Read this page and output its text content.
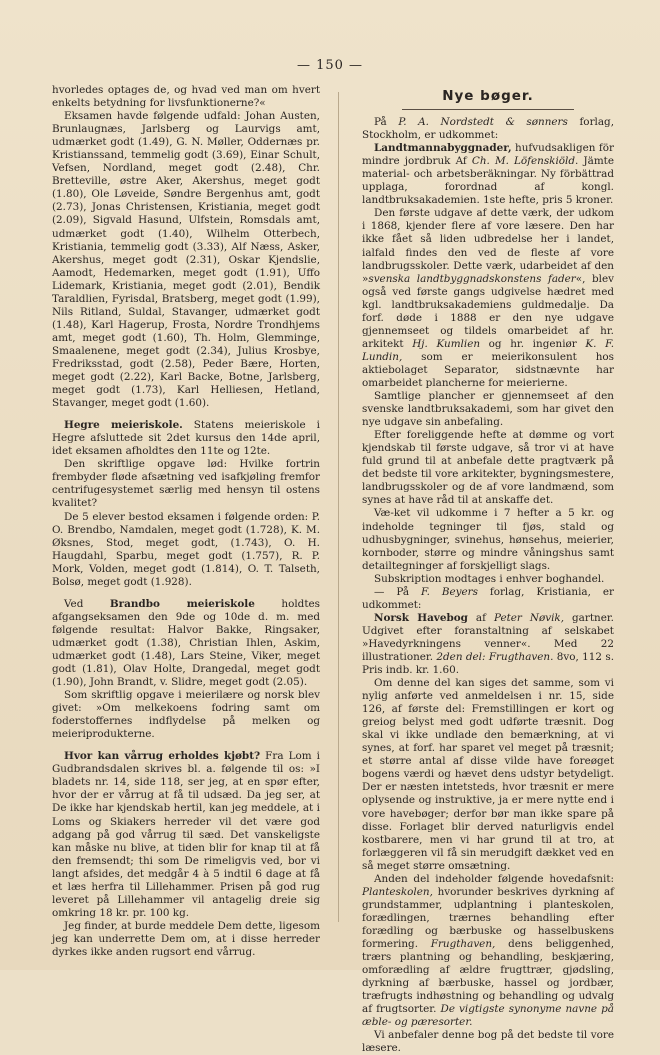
— 150 —

hvorledes optages de, og hvad ved man om hvert enkelts betydning for livsfunktionerne?«

Eksamen havde følgende udfald: Johan Austen, Brunlaugnæs, Jarlsberg og Laurvigs amt, udmærket godt (1.49), G. N. Møller, Oddernæs pr. Kristianssand, temmelig godt (3.69), Einar Schult, Vefsen, Nordland, meget godt (2.48), Chr. Bretteville, østre Aker, Akershus, meget godt (1.80), Ole Løveide, Søndre Bergenhus amt, godt (2.73), Jonas Christensen, Kristiania, meget godt (2.09), Sigvald Hasund, Ulfstein, Romsdals amt, udmærket godt (1.40), Wilhelm Otterbech, Kristiania, temmelig godt (3.33), Alf Næss, Asker, Akershus, meget godt (2.31), Oskar Kjendslie, Aamodt, Hedemarken, meget godt (1.91), Uffo Lidemark, Kristiania, meget godt (2.01), Bendik Taraldlien, Fyrisdal, Bratsberg, meget godt (1.99), Nils Ritland, Suldal, Stavanger, udmærket godt (1.48), Karl Hagerup, Frosta, Nordre Trondhjems amt, meget godt (1.60), Th. Holm, Glemminge, Smaalenene, meget godt (2.34), Julius Krosbye, Fredriksstad, godt (2.58), Peder Bære, Horten, meget godt (2.22), Karl Backe, Botne, Jarlsberg, meget godt (1.73), Karl Helliesen, Hetland, Stavanger, meget godt (1.60).

Hegre meieriskole. Statens meieriskole i Hegre afsluttede sit 2det kursus den 14de april, idet eksamen afholdtes den 11te og 12te.

Den skriftlige opgave lød: Hvilke fortrin frembyder fløde afsætning ved isafkjøling fremfor centrifugesystemet særlig med hensyn til ostens kvalitet?

De 5 elever bestod eksamen i følgende orden: P. O. Brendbo, Namdalen, meget godt (1.728), K. M. Øksnes, Stod, meget godt, (1.743), O. H. Haugdahl, Sparbu, meget godt (1.757), R. P. Mork, Volden, meget godt (1.814), O. T. Talseth, Bolsø, meget godt (1.928).

Ved Brandbo meieriskole holdtes afgangseksamen den 9de og 10de d. m. med følgende resultat: Halvor Bakke, Ringsaker, udmærket godt (1.38), Christian Ihlen, Askim, udmærket godt (1.48), Lars Steine, Viker, meget godt (1.81), Olav Holte, Drangedal, meget godt (1.90), John Brandt, v. Slidre, meget godt (2.05).

Som skriftlig opgave i meierilære og norsk blev givet: »Om melkekoens fodring samt om foderstoffernes indflydelse på melken og meieriprodukterne.

Hvor kan vårrug erholdes kjøbt? Fra Lom i Gudbrandsdalen skrives bl. a. følgende til os: »I bladets nr. 14, side 118, ser jeg, at en spør efter, hvor der er vårrug at få til udsæd. Da jeg ser, at De ikke har kjendskab hertil, kan jeg meddele, at i Loms og Skiakers herreder vil det være god adgang på god vårrug til sæd. Det vanskeligste kan måske nu blive, at tiden blir for knap til at få den fremsendt; thi som De rimeligvis ved, bor vi langt afsides, det medgår 4 à 5 indtil 6 dage at få et læs herfra til Lillehammer. Prisen på god rug leveret på Lillehammer vil antagelig dreie sig omkring 18 kr. pr. 100 kg.

Jeg finder, at burde meddele Dem dette, ligesom jeg kan underrette Dem om, at i disse herreder dyrkes ikke anden rugsort end vårrug.

Nye bøger.

På P. A. Nordstedt & sønners forlag, Stockholm, er udkommet:

Landtmannabyggnader, hufvudsakligen för mindre jordbruk Af Ch. M. Löfenskiöld. Jämte material- och arbetsberäkningar. Ny förbättrad upplaga, forordnad af kongl. landtbruksakademien. 1ste hefte, pris 5 kroner.

Den første udgave af dette værk, der udkom i 1868, kjender flere af vore læsere. Den har ikke fået så liden udbredelse her i landet, ialfald findes den ved de fleste af vore landbrugsskoler. Dette værk, udarbeidet af den »svenska landtbyggnadskonstens fader«, blev også ved første gangs udgivelse hædret med kgl. landtbruksakademiens guldmedalje. Da forf. døde i 1888 er den nye udgave gjennemseet og tildels omarbeidet af hr. arkitekt Hj. Kumlien og hr. ingeniør K. F. Lundin, som er meierikonsulent hos aktiebolaget Separator, sidstnævnte har omarbeidet plancherne for meierierne.

Samtlige plancher er gjennemseet af den svenske landtbruksakademi, som har givet den nye udgave sin anbefaling.

Efter foreliggende hefte at dømme og vort kjendskab til første udgave, så tror vi at have fuld grund til at anbefale dette pragtværk på det bedste til vore arkitekter, bygningsmestere, landbrugsskoler og de af vore landmænd, som synes at have råd til at anskaffe det.

Væ-ket vil udkomme i 7 hefter a 5 kr. og indeholde tegninger til fjøs, stald og udhusbygninger, svinehus, hønsehus, meierier, kornboder, større og mindre våningshus samt detailtegninger af forskjelligt slags.

Subskription modtages i enhver boghandel.

— På F. Beyers forlag, Kristiania, er udkommet:

Norsk Havebog af Peter Nøvik, gartner. Udgivet efter foranstaltning af selskabet »Havedyrkningens venner«. Med 22 illustrationer. 2den del: Frugthaven. 8vo, 112 s. Pris indb. kr. 1.60.

Om denne del kan siges det samme, som vi nylig anførte ved anmeldelsen i nr. 15, side 126, af første del: Fremstillingen er kort og greiog belyst med godt udførte træsnit. Dog skal vi ikke undlade den bemærkning, at vi synes, at forf. har sparet vel meget på træsnit; et større antal af disse vilde have foreøget bogens værdi og hævet dens udstyr betydeligt. Der er næsten intetsteds, hvor træsnit er mere oplysende og instruktive, ja er mere nytte end i vore havebøger; derfor bør man ikke spare på disse. Forlaget blir derved naturligvis endel kostbarere, men vi har grund til at tro, at forlæggeren vil få sin merudgift dækket ved en så meget større omsætning.

Anden del indeholder følgende hovedafsnit: Planteskolen, hvorunder beskrives dyrkning af grundstammer, udplantning i planteskolen, forædlingen, trærnes behandling efter forædling og bærbuske og hasselbuskens formering. Frugthaven, dens beliggenhed, trærs plantning og behandling, beskjæring, omforædling af ældre frugttrær, gjødsling, dyrkning af bærbuske, hassel og jordbær, træfrugts indhøstning og behandling og udvalg af frugtsorter. De vigtigste synonyme navne på æble- og pæresorter.

Vi anbefaler denne bog på det bedste til vore læsere.
